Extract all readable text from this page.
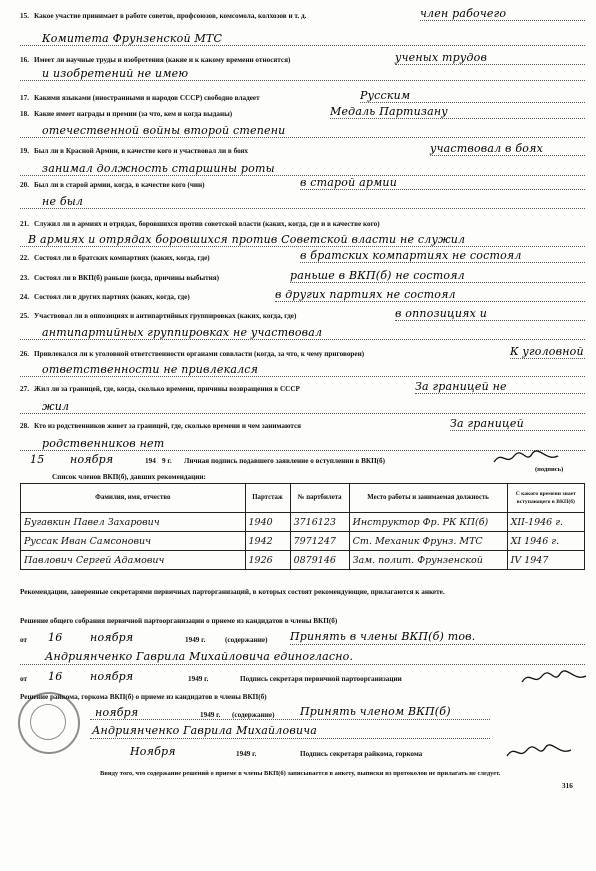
15. Какое участие принимает в работе советов, профсоюзов, комсомола, колхозов и т. д.	член рабочего
Комитета Фрунзенской МТС
16. Имеет ли научные труды и изобретения (какие и к какому времени относятся)	ученых трудов
и изобретений не имею
17. Какими языками (иностранными и народов СССР) свободно владеет	Русским
18. Какие имеет награды и премии (за что, кем и когда выданы)	Медаль Партизану
отечественной войны второй степени
19. Был ли в Красной Армии, в качестве кого и участвовал ли в боях	участвовал в боях
занимал должность старшины роты
20. Был ли в старой армии, когда, в качестве кого (чин)	в старой армии
не был
21. Служил ли в армиях и отрядах, боровшихся против советской власти (каких, когда, где и в качестве кого)
В армиях и отрядах боровшихся против Советской власти не служил
22. Состоял ли в братских компартиях (каких, когда, где)	в братских компартиях не состоял
23. Состоял ли в ВКП(б) раньше (когда, причины выбытия)	раньше в ВКП(б) не состоял
24. Состоял ли в других партиях (каких, когда, где)	в других партиях не состоял
25. Участвовал ли в оппозициях и антипартийных группировках (каких, когда, где)	в оппозициях и
антипартийных группировках не участвовал
26. Привлекался ли к уголовной ответственности органами соввласти (когда, за что, к чему приговорен)	К уголовной
ответственности не привлекался
27. Жил ли за границей, где, когда, сколько времени, причины возвращения в СССР	За границей не
жил
28. Кто из родственников живет за границей, где, сколько времени и чем занимаются	За границей
родственников нет
15 ноября	194 9 г. Личная подпись подавшего заявление о вступлении в ВКП(б)
(подпись)
Список членов ВКП(б), давших рекомендации:
Фамилия, имя, отчество	Партстаж	№ партбилета	Место работы и занимаемая должность	С какого времени знает вступающего в ВКП(б)
Бугавкин Павел Захарович	1940	3716123	Инструктор Фр. РК КП(б)	XII-1946 г.
Руссак Иван Самсонович	1942	7971247	Ст. Механик Фрунз. МТС	XI 1946 г.
Павлович Сергей Адамович	1926	0879146	Зам. полит. Фрунзенской	IV 1947
Рекомендации, заверенные секретарями первичных парторганизаций, в которых состоят рекомендующие, прилагаются к анкете.
Решение общего собрания первичной партоорганизации о приеме из кандидатов в члены ВКП(б)
от 16	ноября	1949 г.	(содержание) Принять в члены ВКП(б) тов.
Андриянченко Гаврила Михайловича единогласно.
от 16	ноября	1949 г.	Подпись секретаря первичной партоорганизации
Решение райкома, горкома ВКП(б) о приеме из кандидатов в члены ВКП(б)
ноября	1949 г. (содержание) Принять членом ВКП(б)
Андриянченко Гаврила Михайловича
Ноября	1949 г.	Подпись секретаря райкома, горкома
Ввиду того, что содержание решений о приеме в члены ВКП(б) записывается в анкету, выписки из протоколов не прилагать не следует.
316
